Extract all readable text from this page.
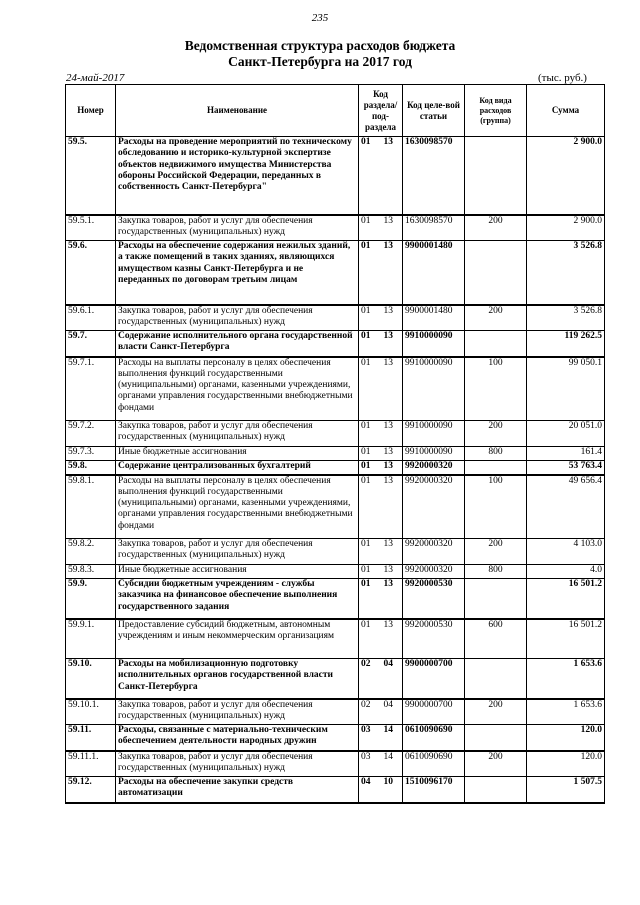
235
Ведомственная структура расходов бюджета
Санкт-Петербурга на 2017 год
24-май-2017	(тыс. руб.)
Номер	Наименование	Код раздела/ под-раздела	Код целе-вой статьи	Код вида расходов (группа)	Сумма
59.5.	Расходы на проведение мероприятий по техническому обследованию и историко-культурной экспертизе объектов недвижимого имущества Министерства обороны Российской Федерации, переданных в собственность Санкт-Петербурга"	01 13	1630098570		2 900.0
59.5.1.	Закупка товаров, работ и услуг для обеспечения государственных (муниципальных) нужд	01 13	1630098570	200	2 900.0
59.6.	Расходы на обеспечение содержания нежилых зданий, а также помещений в таких зданиях, являющихся имуществом казны Санкт-Петербурга и не переданных по договорам третьим лицам	01 13	9900001480		3 526.8
59.6.1.	Закупка товаров, работ и услуг для обеспечения государственных (муниципальных) нужд	01 13	9900001480	200	3 526.8
59.7.	Содержание исполнительного органа государственной власти Санкт-Петербурга	01 13	9910000090		119 262.5
59.7.1.	Расходы на выплаты персоналу в целях обеспечения выполнения функций государственными (муниципальными) органами, казенными учреждениями, органами управления государственными внебюджетными фондами	01 13	9910000090	100	99 050.1
59.7.2.	Закупка товаров, работ и услуг для обеспечения государственных (муниципальных) нужд	01 13	9910000090	200	20 051.0
59.7.3.	Иные бюджетные ассигнования	01 13	9910000090	800	161.4
59.8.	Содержание централизованных бухгалтерий	01 13	9920000320		53 763.4
59.8.1.	Расходы на выплаты персоналу в целях обеспечения выполнения функций государственными (муниципальными) органами, казенными учреждениями, органами управления государственными внебюджетными фондами	01 13	9920000320	100	49 656.4
59.8.2.	Закупка товаров, работ и услуг для обеспечения государственных (муниципальных) нужд	01 13	9920000320	200	4 103.0
59.8.3.	Иные бюджетные ассигнования	01 13	9920000320	800	4.0
59.9.	Субсидии бюджетным учреждениям - службы заказчика на финансовое обеспечение выполнения государственного задания	01 13	9920000530		16 501.2
59.9.1.	Предоставление субсидий бюджетным, автономным учреждениям и иным некоммерческим организациям	01 13	9920000530	600	16 501.2
59.10.	Расходы на мобилизационную подготовку исполнительных органов государственной власти Санкт-Петербурга	02 04	9900000700		1 653.6
59.10.1.	Закупка товаров, работ и услуг для обеспечения государственных (муниципальных) нужд	02 04	9900000700	200	1 653.6
59.11.	Расходы, связанные с материально-техническим обеспечением деятельности народных дружин	03 14	0610090690		120.0
59.11.1.	Закупка товаров, работ и услуг для обеспечения государственных (муниципальных) нужд	03 14	0610090690	200	120.0
59.12.	Расходы на обеспечение закупки средств автоматизации	04 10	1510096170		1 507.5
